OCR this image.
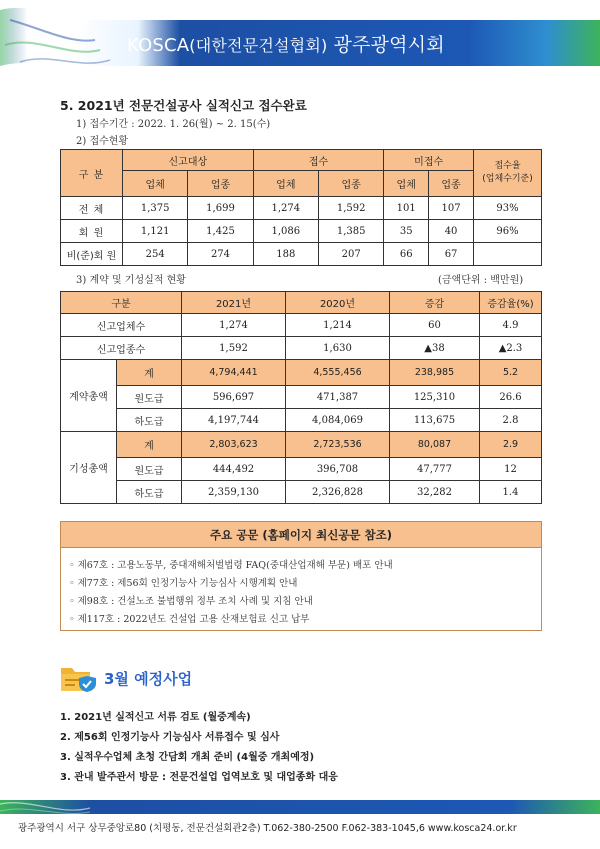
KOSCA(대한전문건설협회) 광주광역시회
5. 2021년 전문건설공사 실적신고 접수완료
1) 접수기간 : 2022. 1. 26(월) ~ 2. 15(수)
2) 접수현황
구 분	신고대상		접수		미접수		접수율
(업체수기준)

	업체	업종	업체	업종	업체	업종	
전 체	1,375	1,699	1,274	1,592	101	107	93%
회 원	1,121	1,425	1,086	1,385	35	40	96%
비(준)회 원	254	274	188	207	66	67	
3) 계약 및 기성실적 현황	(금액단위 : 백만원)
구분		2021년	2020년	증감	증감율(%)
신고업체수		1,274	1,214	60	4.9
신고업종수		1,592	1,630	▲38	▲2.3
계약총액	계	4,794,441	4,555,456	238,985	5.2
	원도급	596,697	471,387	125,310	26.6
	하도급	4,197,744	4,084,069	113,675	2.8
기성총액	계	2,803,623	2,723,536	80,087	2.9
	원도급	444,492	396,708	47,777	12
	하도급	2,359,130	2,326,828	32,282	1.4
주요 공문 (홈페이지 최신공문 참조)
◦ 제67호 : 고용노동부, 중대재해처벌법령 FAQ(중대산업재해 부문) 배포 안내
◦ 제77호 : 제56회 인정기능사 기능심사 시행계획 안내
◦ 제98호 : 건설노조 불법행위 정부 조치 사례 및 지침 안내
◦ 제117호 : 2022년도 건설업 고용 산재보험료 신고 납부
3월 예정사업
1. 2021년 실적신고 서류 검토 (월중계속)
2. 제56회 인정기능사 기능심사 서류접수 및 심사
3. 실적우수업체 초청 간담회 개최 준비 (4월중 개최예정)
3. 관내 발주관서 방문 : 전문건설업 업역보호 및 대업종화 대응
광주광역시 서구 상무중앙로80 (치평동, 전문건설회관2층) T.062-380-2500 F.062-383-1045,6 www.kosca24.or.kr
